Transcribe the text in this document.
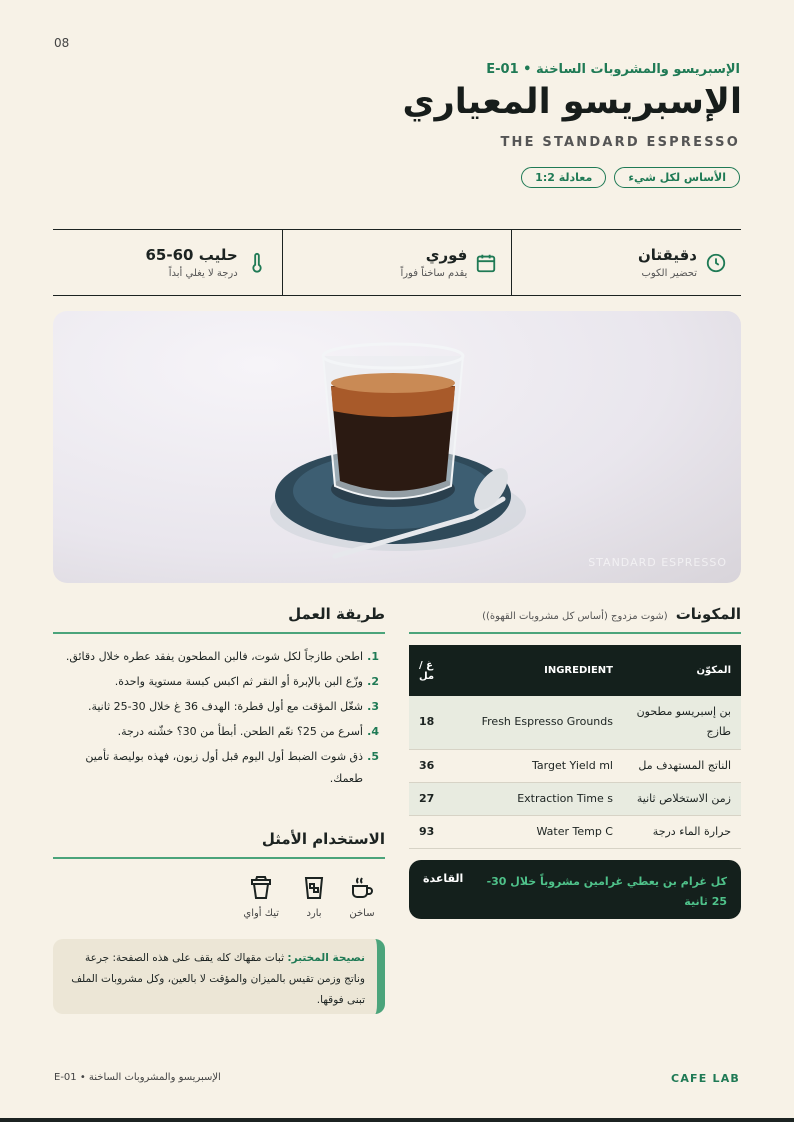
08
الإسبريسو والمشروبات الساخنة • E-01
الإسبريسو المعياري
THE STANDARD ESPRESSO
الأساس لكل شيء
معادلة 1:2
دقيقتان
تحضير الكوب
فوري
يقدم ساخناً فوراً
حليب 60-65
درجة لا يغلي أبداً
STANDARD ESPRESSO
المكونات
(شوت مزدوج (أساس كل مشروبات القهوة))
غ / مل	INGREDIENT	المكوّن
18	Fresh Espresso Grounds	بن إسبريسو مطحون طازج
36	Target Yield ml	الناتج المستهدف مل
27	Extraction Time s	زمن الاستخلاص ثانية
93	Water Temp C	حرارة الماء درجة
القاعدة	كل غرام بن يعطي غرامين مشروباً خلال 30-25 ثانية
طريقة العمل
1.
اطحن طازجاً لكل شوت، فالبن المطحون يفقد عطره خلال دقائق.
2.
وزّع البن بالإبرة أو النقر ثم اكبس كبسة مستوية واحدة.
3.
شغّل المؤقت مع أول قطرة: الهدف 36 غ خلال 30-25 ثانية.
4.
أسرع من 25؟ نعّم الطحن. أبطأ من 30؟ خشّنه درجة.
5.
ذق شوت الضبط أول اليوم قبل أول زبون، فهذه بوليصة تأمين طعمك.
الاستخدام الأمثل
ساخن
بارد
تيك أواي
نصيحة المختبر: ثبات مقهاك كله يقف على هذه الصفحة: جرعة وناتج وزمن تقيس بالميزان والمؤقت لا بالعين، وكل مشروبات الملف تبنى فوقها.
الإسبريسو والمشروبات الساخنة • E-01	CAFE LAB
